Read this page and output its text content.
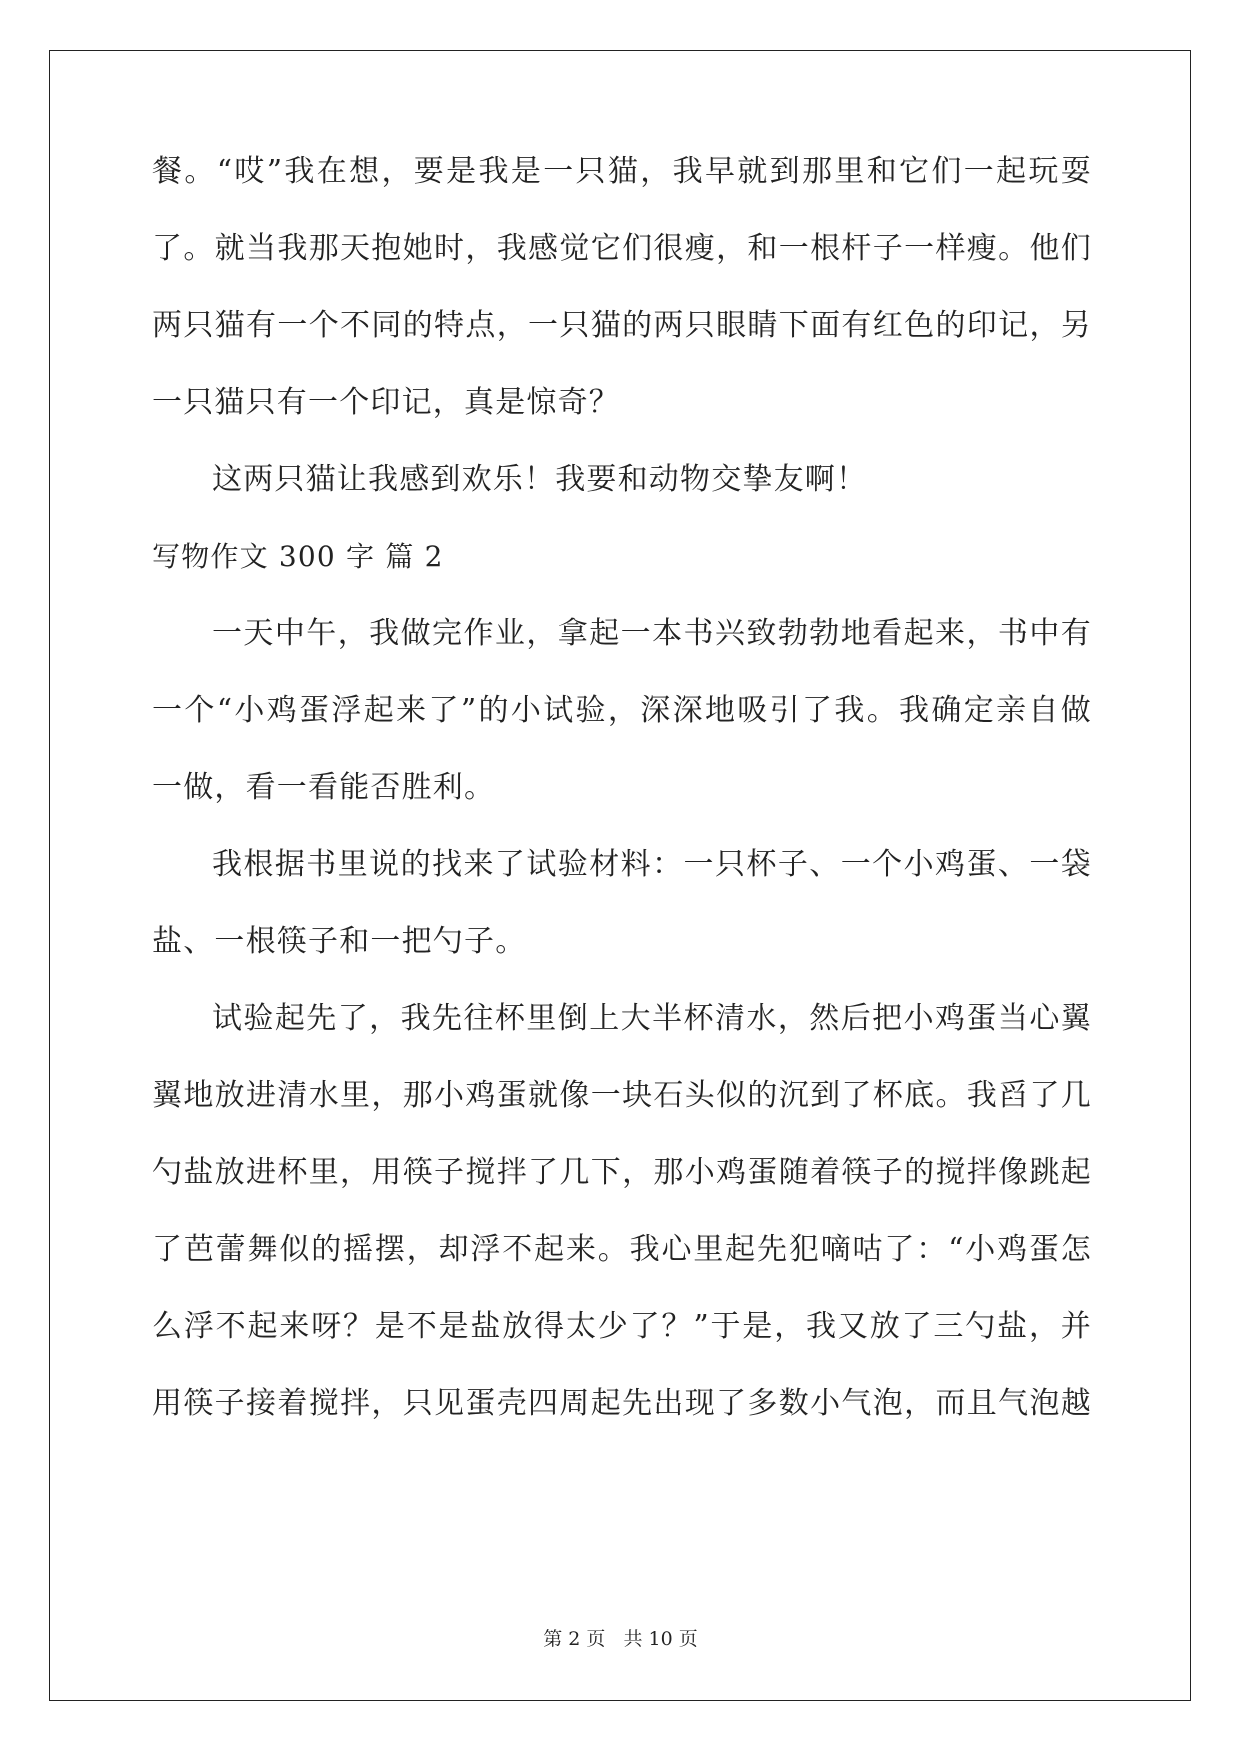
餐。“哎”我在想，要是我是一只猫，我早就到那里和它们一起玩耍
了。就当我那天抱她时，我感觉它们很瘦，和一根杆子一样瘦。他们
两只猫有一个不同的特点，一只猫的两只眼睛下面有红色的印记，另
一只猫只有一个印记，真是惊奇？
这两只猫让我感到欢乐！我要和动物交挚友啊！
写物作文 300 字 篇 2
一天中午，我做完作业，拿起一本书兴致勃勃地看起来，书中有
一个“小鸡蛋浮起来了”的小试验，深深地吸引了我。我确定亲自做
一做，看一看能否胜利。
我根据书里说的找来了试验材料：一只杯子、一个小鸡蛋、一袋
盐、一根筷子和一把勺子。
试验起先了，我先往杯里倒上大半杯清水，然后把小鸡蛋当心翼
翼地放进清水里，那小鸡蛋就像一块石头似的沉到了杯底。我舀了几
勺盐放进杯里，用筷子搅拌了几下，那小鸡蛋随着筷子的搅拌像跳起
了芭蕾舞似的摇摆，却浮不起来。我心里起先犯嘀咕了：“小鸡蛋怎
么浮不起来呀？是不是盐放得太少了？”于是，我又放了三勺盐，并
用筷子接着搅拌，只见蛋壳四周起先出现了多数小气泡，而且气泡越
第 2 页 共 10 页
